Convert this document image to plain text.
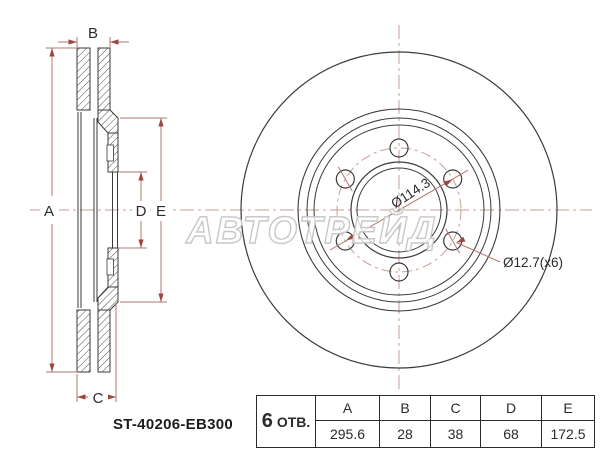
АВТОТРЕЙД
A
B
C
D E
Ø114.3
Ø12.7(x6)
6 ОТВ.
A	B	C	D	E
295.6	28	38	68	172.5
ST-40206-EB300
